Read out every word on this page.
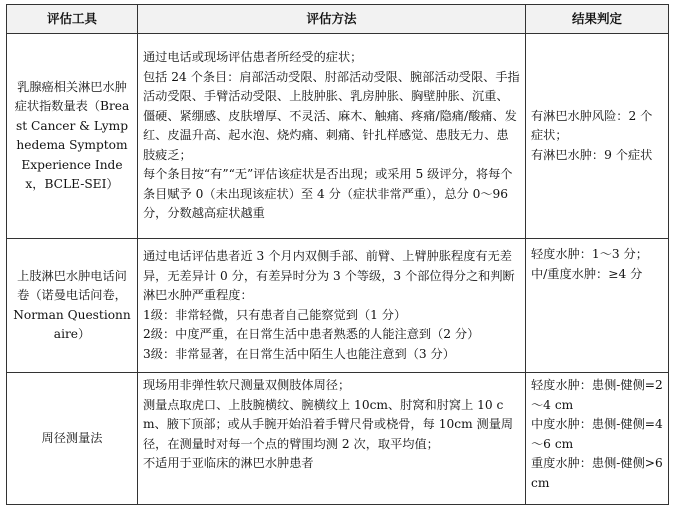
评估工具	评估方法	结果判定

乳腺癌相关淋巴水肿症状指数量表（Breast Cancer & Lymphedema Symptom Experience Index，BCLE-SEI）	通过电话或现场评估患者所经受的症状；
包括 24 个条目：肩部活动受限、肘部活动受限、腕部活动受限、手指活动受限、手臂活动受限、上肢肿胀、乳房肿胀、胸壁肿胀、沉重、僵硬、紧绷感、皮肤增厚、不灵活、麻木、触痛、疼痛/隐痛/酸痛、发红、皮温升高、起水泡、烧灼痛、刺痛、针扎样感觉、患肢无力、患肢疲乏；
每个条目按“有”“无”评估该症状是否出现；或采用 5 级评分，将每个条目赋予 0（未出现该症状）至 4 分（症状非常严重），总分 0～96 分，分数越高症状越重	有淋巴水肿风险：2 个症状；
有淋巴水肿：9 个症状

上肢淋巴水肿电话问卷（诺曼电话问卷，Norman Questionnaire）	通过电话评估患者近 3 个月内双侧手部、前臂、上臂肿胀程度有无差异，无差异计 0 分，有差异时分为 3 个等级，3 个部位得分之和判断淋巴水肿严重程度：
1级：非常轻微，只有患者自己能察觉到（1 分）
2级：中度严重，在日常生活中患者熟悉的人能注意到（2 分）
3级：非常显著，在日常生活中陌生人也能注意到（3 分）	轻度水肿：1～3 分；
中/重度水肿：≥4 分

周径测量法	现场用非弹性软尺测量双侧肢体周径；
测量点取虎口、上肢腕横纹、腕横纹上 10cm、肘窝和肘窝上 10 cm、腋下顶部；或从手腕开始沿着手臂尺骨或桡骨，每 10cm 测量周径，在测量时对每一个点的臂围均测 2 次，取平均值；
不适用于亚临床的淋巴水肿患者	轻度水肿：患侧-健侧=2～4 cm
中度水肿：患侧-健侧=4～6 cm
重度水肿：患侧-健侧>6 cm
